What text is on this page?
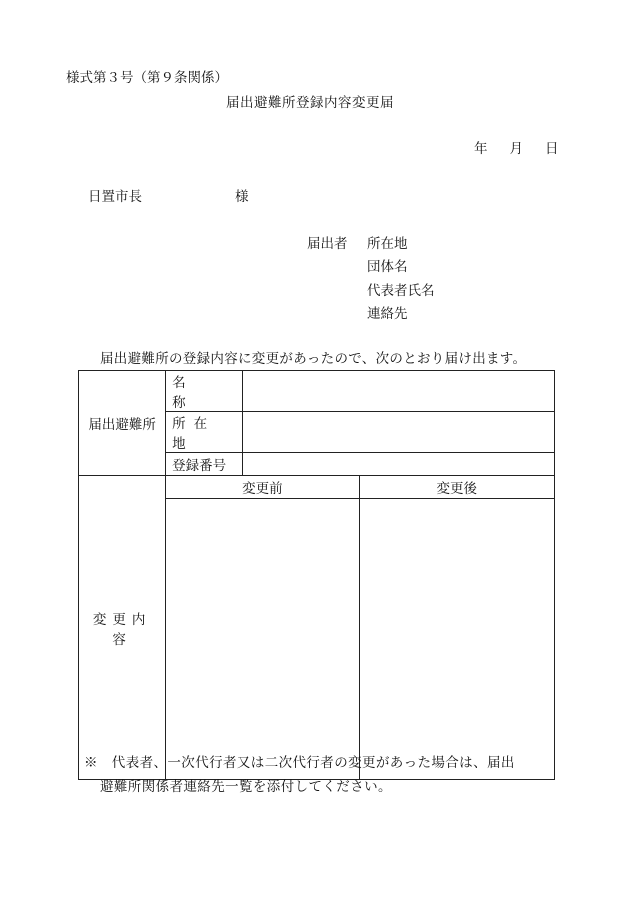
様式第３号（第９条関係）
届出避難所登録内容変更届
年 月 日
日置市長	様
届出者 所在地
団体名
代表者氏名
連絡先
届出避難所の登録内容に変更があったので、次のとおり届け出ます。
届出避難所	名称		
	所在地		
	登録番号		
変更内容	変更前		変更後

※　代表者、一次代行者又は二次代行者の変更があった場合は、届出
避難所関係者連絡先一覧を添付してください。
